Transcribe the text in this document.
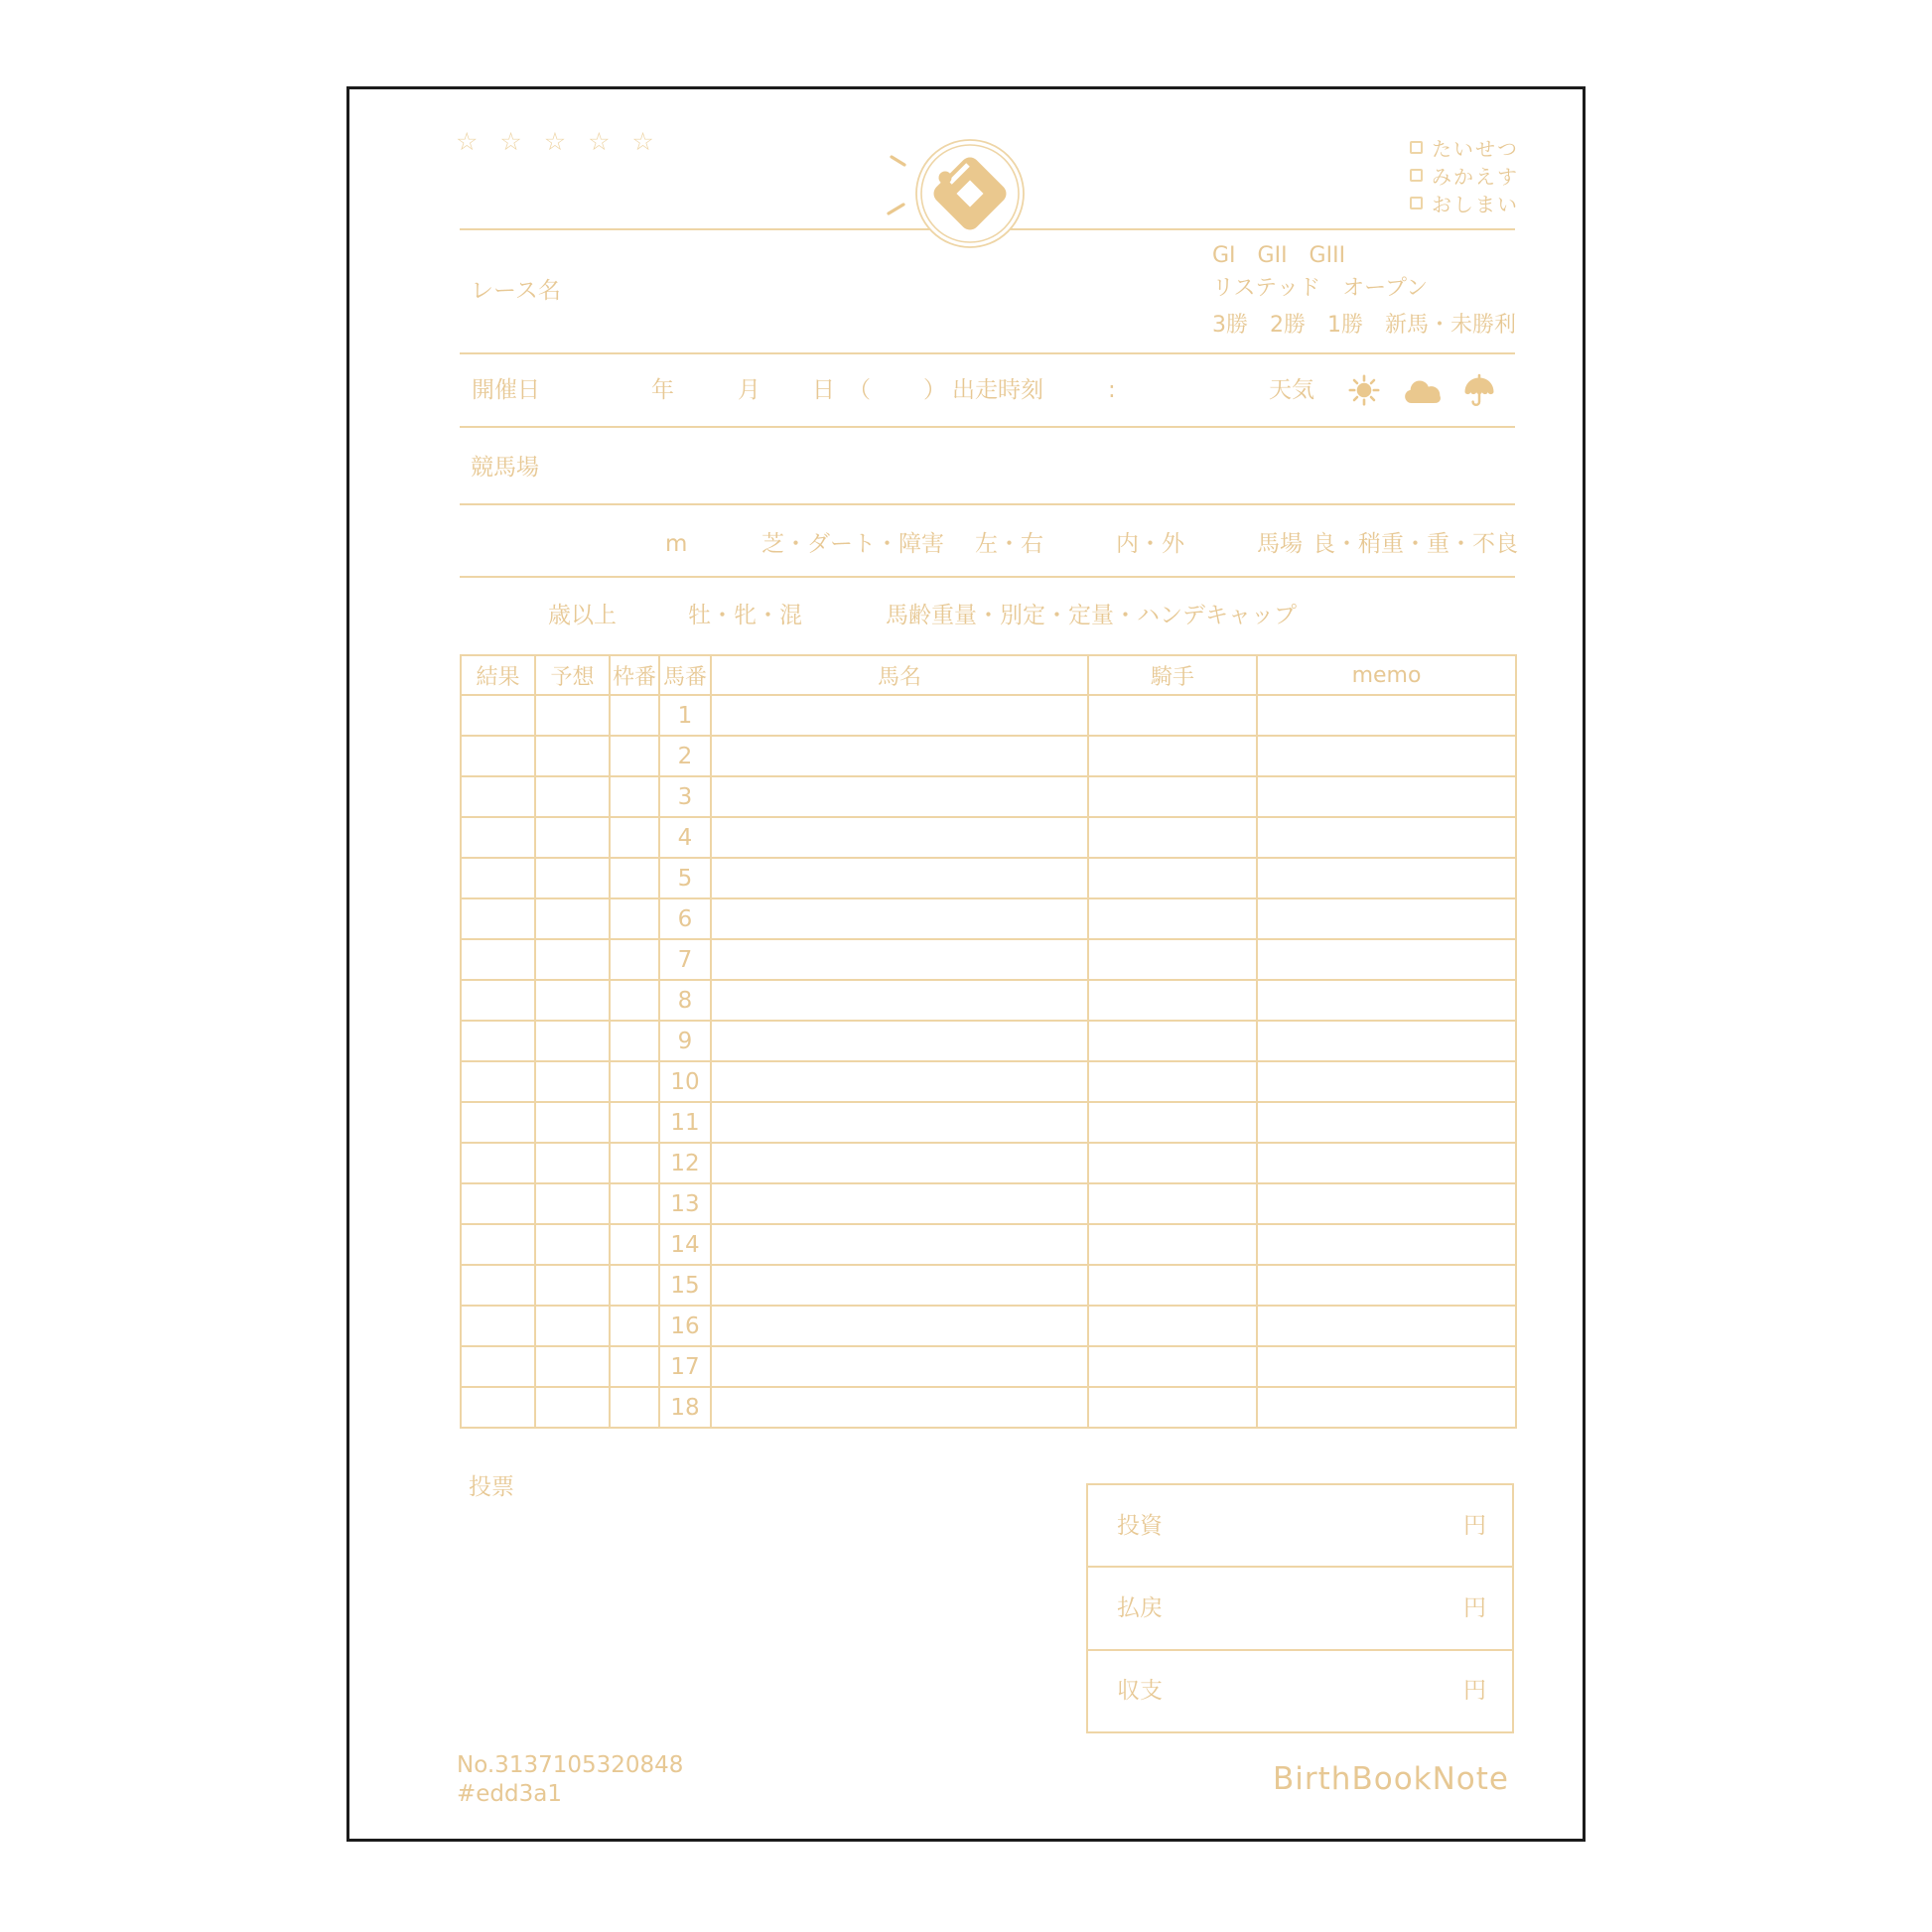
☆ ☆ ☆ ☆ ☆	たいせつ
みかえす
おしまい
レース名
GI　GII　GIII
リステッド　オープン
3勝　2勝　1勝　新馬・未勝利
開催日	年	月 日 （ ） 出走時刻	:	天気
競馬場
m	芝・ダート・障害 左・右	内・外	馬場 良・稍重・重・不良
歳以上	牡・牝・混	馬齢重量・別定・定量・ハンデキャップ
結果	予想	枠番	馬番	馬名	騎手	memo
			1			
			2			
			3			
			4			
			5			
			6			
			7			
			8			
			9			
			10			
			11			
			12			
			13			
			14			
			15			
			16			
			17			
			18			
投票
投資	円
払戻	円
収支	円
No.3137105320848
#edd3a1	BirthBookNote
